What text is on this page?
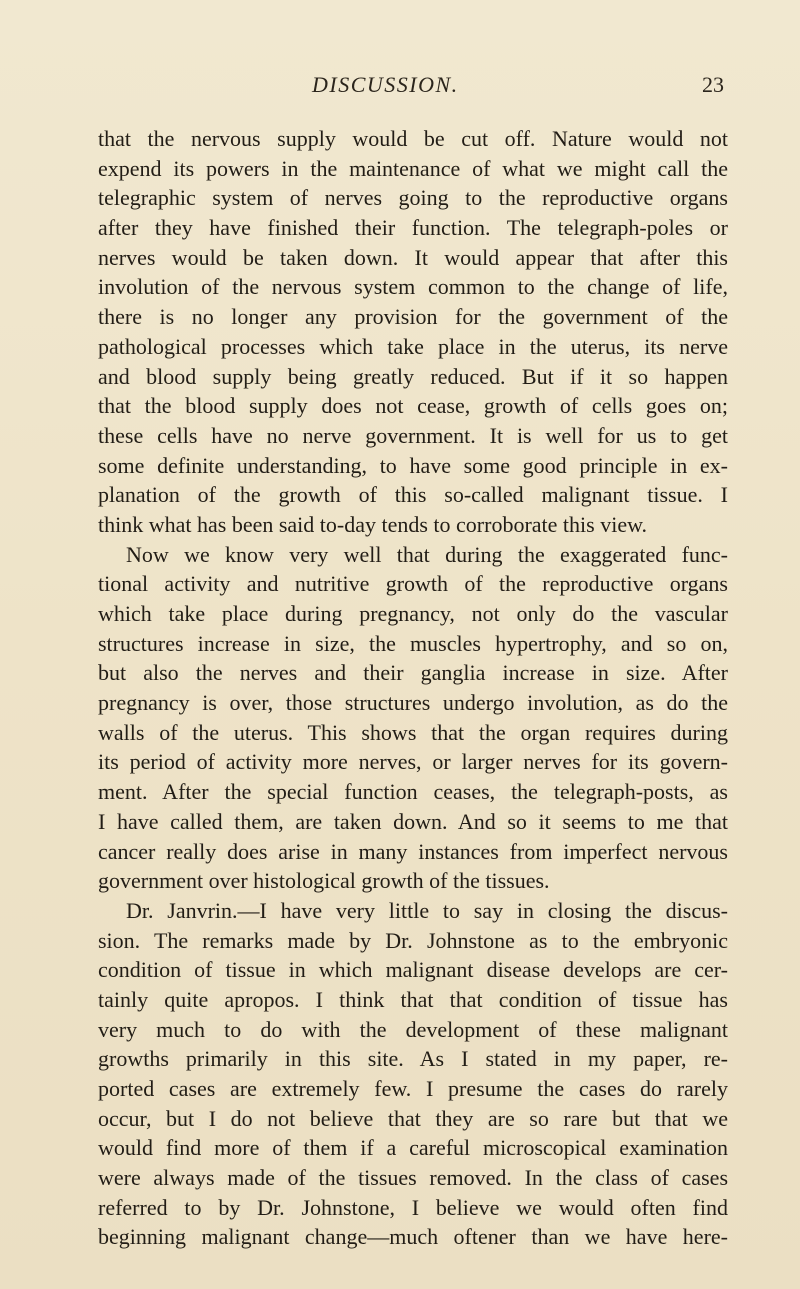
DISCUSSION.	23
that the nervous supply would be cut off. Nature would not
expend its powers in the maintenance of what we might call the
telegraphic system of nerves going to the reproductive organs
after they have finished their function. The telegraph-poles or
nerves would be taken down. It would appear that after this
involution of the nervous system common to the change of life,
there is no longer any provision for the government of the
pathological processes which take place in the uterus, its nerve
and blood supply being greatly reduced. But if it so happen
that the blood supply does not cease, growth of cells goes on;
these cells have no nerve government. It is well for us to get
some definite understanding, to have some good principle in ex-
planation of the growth of this so-called malignant tissue. I
think what has been said to-day tends to corroborate this view.
Now we know very well that during the exaggerated func-
tional activity and nutritive growth of the reproductive organs
which take place during pregnancy, not only do the vascular
structures increase in size, the muscles hypertrophy, and so on,
but also the nerves and their ganglia increase in size. After
pregnancy is over, those structures undergo involution, as do the
walls of the uterus. This shows that the organ requires during
its period of activity more nerves, or larger nerves for its govern-
ment. After the special function ceases, the telegraph-posts, as
I have called them, are taken down. And so it seems to me that
cancer really does arise in many instances from imperfect nervous
government over histological growth of the tissues.
Dr. Janvrin.—I have very little to say in closing the discus-
sion. The remarks made by Dr. Johnstone as to the embryonic
condition of tissue in which malignant disease develops are cer-
tainly quite apropos. I think that that condition of tissue has
very much to do with the development of these malignant
growths primarily in this site. As I stated in my paper, re-
ported cases are extremely few. I presume the cases do rarely
occur, but I do not believe that they are so rare but that we
would find more of them if a careful microscopical examination
were always made of the tissues removed. In the class of cases
referred to by Dr. Johnstone, I believe we would often find
beginning malignant change—much oftener than we have here-
